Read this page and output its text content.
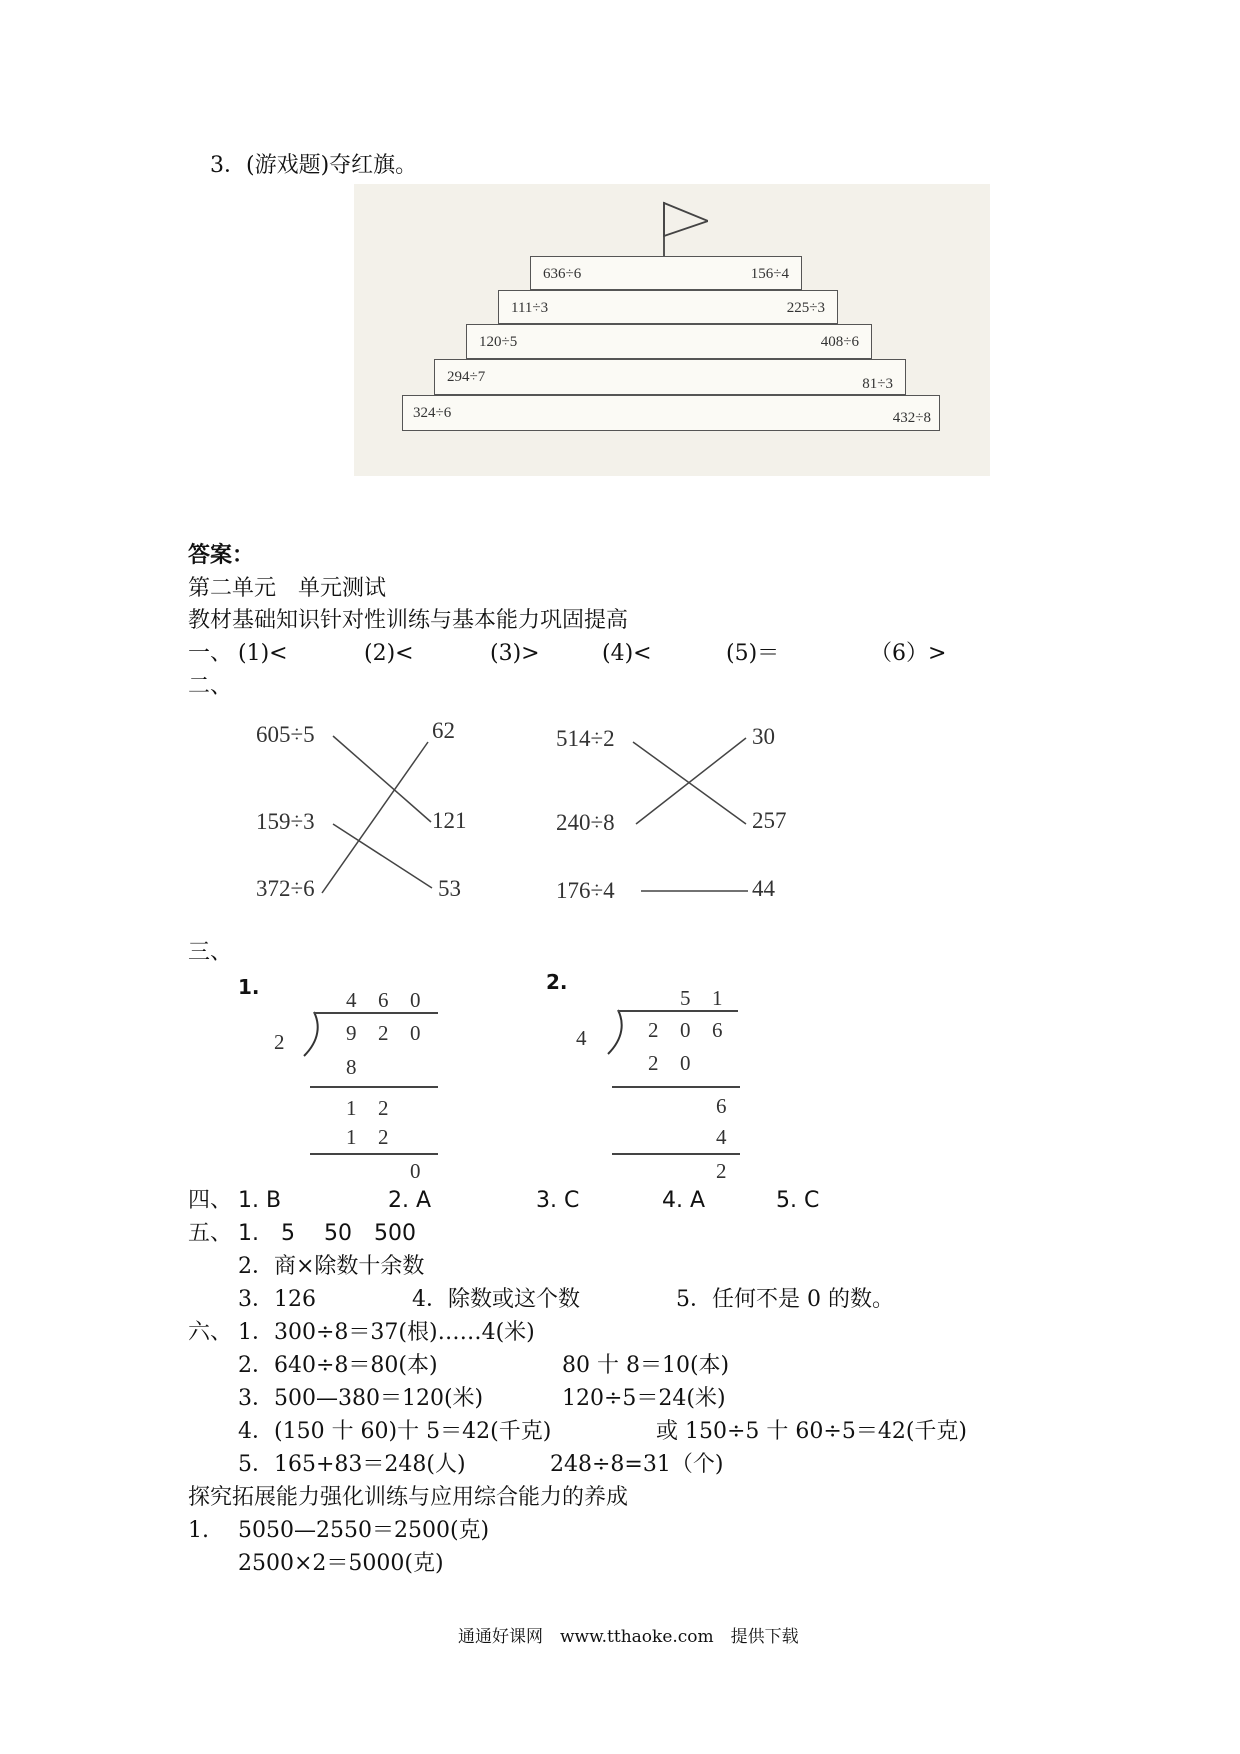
3．(游戏题)夺红旗。
636÷6	156÷4
111÷3	225÷3
120÷5	408÷6
294÷7	81÷3
324÷6	432÷8
答案：
第二单元　单元测试
教材基础知识针对性训练与基本能力巩固提高
一、 (1)<	(2)<	(3)>	(4)<	(5)＝	（6）>
二、
605÷5
159÷3
372÷6
62
121
53
514÷2
240÷8
176÷4
30
257
44
三、
1.
2
4 6 0
9 2 0
8
1 2
1 2
0
2.
4
5 1
2 0 6
2 0
6
4
2
四、 1. B	2. A	3. C	4. A	5. C
五、 1.　5　 50　500
2．商×除数十余数
3．126	4．除数或这个数	5．任何不是 0 的数。
六、 1．300÷8＝37(根)……4(米)
2．640÷8＝80(本)	80 十 8＝10(本)
3．500—380＝120(米)	120÷5＝24(米)
4．(150 十 60)十 5＝42(千克)	或 150÷5 十 60÷5＝42(千克)
5．165+83＝248(人)	248÷8=31（个)
探究拓展能力强化训练与应用综合能力的养成
1. 5050—2550＝2500(克)
2500×2＝5000(克)
通通好课网　www.tthaoke.com　提供下载
